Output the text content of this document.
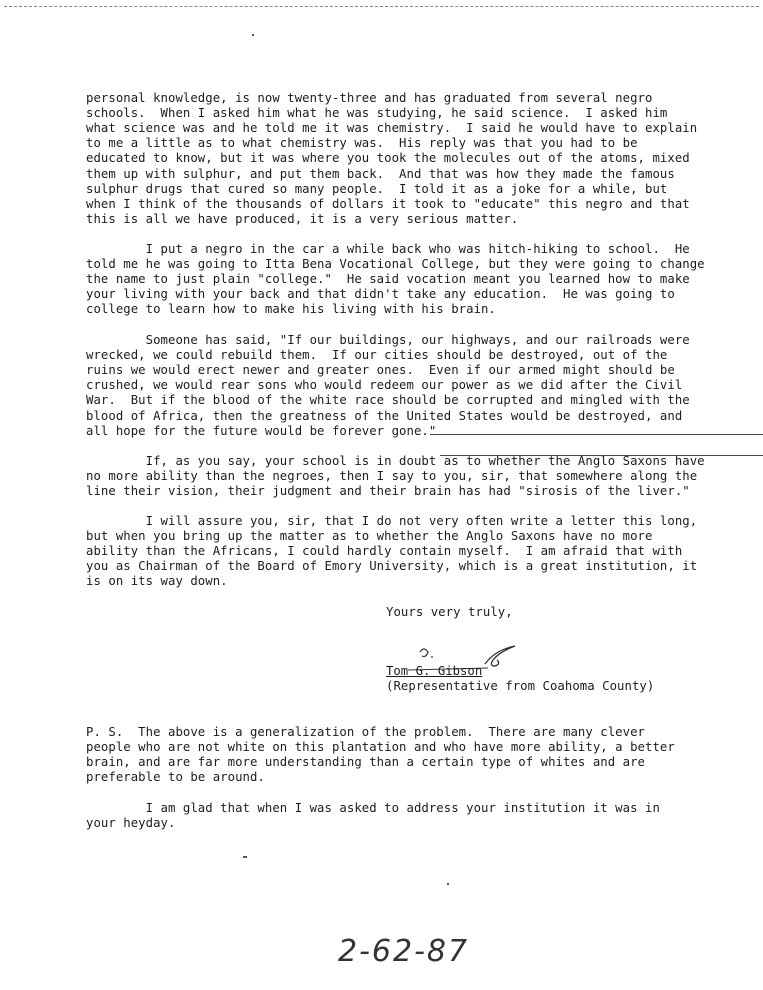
personal knowledge, is now twenty-three and has graduated from several negro
schools.  When I asked him what he was studying, he said science.  I asked him
what science was and he told me it was chemistry.  I said he would have to explain
to me a little as to what chemistry was.  His reply was that you had to be
educated to know, but it was where you took the molecules out of the atoms, mixed
them up with sulphur, and put them back.  And that was how they made the famous
sulphur drugs that cured so many people.  I told it as a joke for a while, but
when I think of the thousands of dollars it took to "educate" this negro and that
this is all we have produced, it is a very serious matter.
I put a negro in the car a while back who was hitch-hiking to school.  He
told me he was going to Itta Bena Vocational College, but they were going to change
the name to just plain "college."  He said vocation meant you learned how to make
your living with your back and that didn't take any education.  He was going to
college to learn how to make his living with his brain.
Someone has said, "If our buildings, our highways, and our railroads were
wrecked, we could rebuild them.  If our cities should be destroyed, out of the
ruins we would erect newer and greater ones.  Even if our armed might should be
crushed, we would rear sons who would redeem our power as we did after the Civil
War.  But if the blood of the white race should be corrupted and mingled with the
blood of Africa, then the greatness of the United States would be destroyed, and
all hope for the future would be forever gone."
If, as you say, your school is in doubt as to whether the Anglo Saxons have
no more ability than the negroes, then I say to you, sir, that somewhere along the
line their vision, their judgment and their brain has had "sirosis of the liver."
I will assure you, sir, that I do not very often write a letter this long,
but when you bring up the matter as to whether the Anglo Saxons have no more
ability than the Africans, I could hardly contain myself.  I am afraid that with
you as Chairman of the Board of Emory University, which is a great institution, it
is on its way down.
P. S.  The above is a generalization of the problem.  There are many clever
people who are not white on this plantation and who have more ability, a better
brain, and are far more understanding than a certain type of whites and are
preferable to be around.
I am glad that when I was asked to address your institution it was in
your heyday.
Yours very truly,
Tom G. Gibson
(Representative from Coahoma County)
2-62-87
